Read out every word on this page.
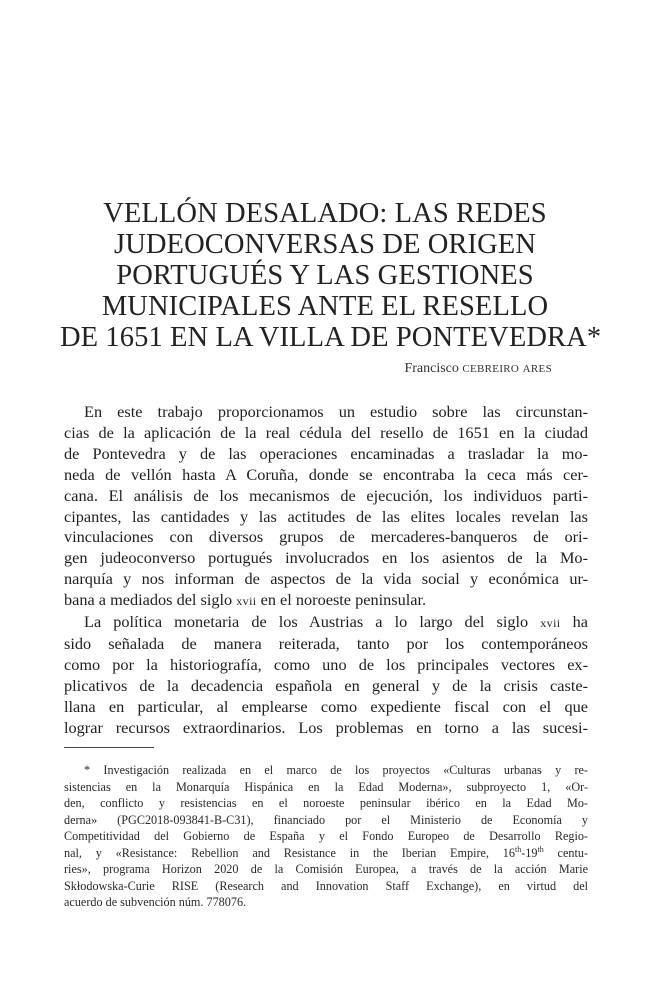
VELLÓN DESALADO: LAS REDES
JUDEOCONVERSAS DE ORIGEN
PORTUGUÉS Y LAS GESTIONES
MUNICIPALES ANTE EL RESELLO
DE 1651 EN LA VILLA DE PONTEVEDRA*
Francisco CEBREIRO ARES
En este trabajo proporcionamos un estudio sobre las circunstan-
cias de la aplicación de la real cédula del resello de 1651 en la ciudad
de Pontevedra y de las operaciones encaminadas a trasladar la mo-
neda de vellón hasta A Coruña, donde se encontraba la ceca más cer-
cana. El análisis de los mecanismos de ejecución, los individuos parti-
cipantes, las cantidades y las actitudes de las elites locales revelan las
vinculaciones con diversos grupos de mercaderes-banqueros de ori-
gen judeoconverso portugués involucrados en los asientos de la Mo-
narquía y nos informan de aspectos de la vida social y económica ur-
bana a mediados del siglo xvii en el noroeste peninsular.
La política monetaria de los Austrias a lo largo del siglo xvii ha
sido señalada de manera reiterada, tanto por los contemporáneos
como por la historiografía, como uno de los principales vectores ex-
plicativos de la decadencia española en general y de la crisis caste-
llana en particular, al emplearse como expediente fiscal con el que
lograr recursos extraordinarios. Los problemas en torno a las sucesi-
* Investigación realizada en el marco de los proyectos «Culturas urbanas y re-
sistencias en la Monarquía Hispánica en la Edad Moderna», subproyecto 1, «Or-
den, conflicto y resistencias en el noroeste peninsular ibérico en la Edad Mo-
derna» (PGC2018-093841-B-C31), financiado por el Ministerio de Economía y
Competitividad del Gobierno de España y el Fondo Europeo de Desarrollo Regio-
nal, y «Resistance: Rebellion and Resistance in the Iberian Empire, 16th-19th centu-
ries», programa Horizon 2020 de la Comisión Europea, a través de la acción Marie
Skłodowska-Curie RISE (Research and Innovation Staff Exchange), en virtud del
acuerdo de subvención núm. 778076.
